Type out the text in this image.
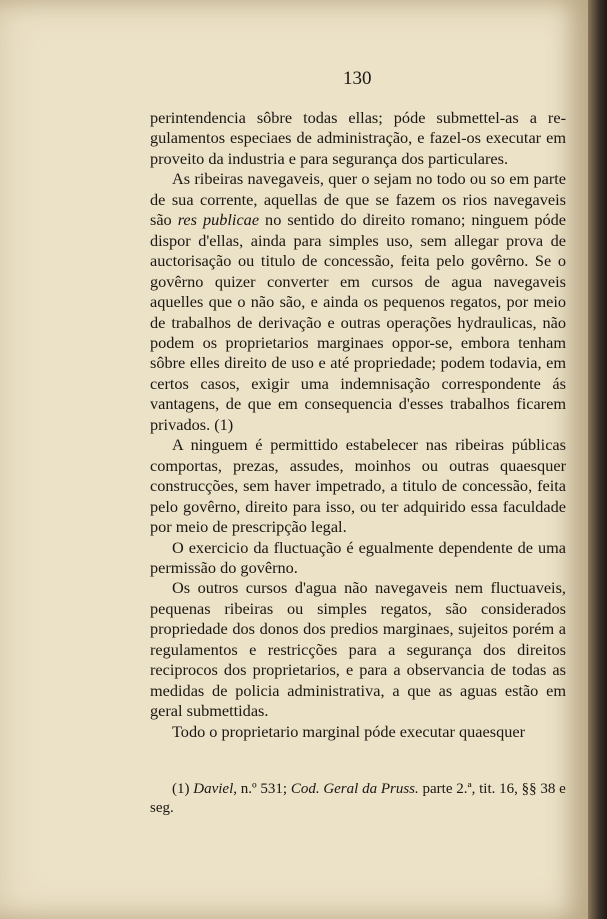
130

perintendencia sôbre todas ellas; póde submettel-as a regulamentos especiaes de administração, e fazel-os executar em proveito da industria e para segurança dos particulares.

As ribeiras navegaveis, quer o sejam no todo ou so em parte de sua corrente, aquellas de que se fazem os rios navegaveis são res publicae no sentido do direito romano; ninguem póde dispor d'ellas, ainda para simples uso, sem allegar prova de auctorisação ou titulo de concessão, feita pelo govêrno. Se o govêrno quizer converter em cursos de agua navegaveis aquelles que o não são, e ainda os pequenos regatos, por meio de trabalhos de derivação e outras operações hydraulicas, não podem os proprietarios marginaes oppor-se, embora tenham sôbre elles direito de uso e até propriedade; podem todavia, em certos casos, exigir uma indemnisação correspondente ás vantagens, de que em consequencia d'esses trabalhos ficarem privados. (1)

A ninguem é permittido estabelecer nas ribeiras públicas comportas, prezas, assudes, moinhos ou outras quaesquer construcções, sem haver impetrado, a titulo de concessão, feita pelo govêrno, direito para isso, ou ter adquirido essa faculdade por meio de prescripção legal.

O exercicio da fluctuação é egualmente dependente de uma permissão do govêrno.

Os outros cursos d'agua não navegaveis nem fluctuaveis, pequenas ribeiras ou simples regatos, são considerados propriedade dos donos dos predios marginaes, sujeitos porém a regulamentos e restricções para a segurança dos direitos reciprocos dos proprietarios, e para a observancia de todas as medidas de policia administrativa, a que as aguas estão em geral submettidas.

Todo o proprietario marginal póde executar quaesquer

(1) Daviel, n.º 531; Cod. Geral da Pruss. parte 2.ª, tit. 16, §§ 38 e seg.
